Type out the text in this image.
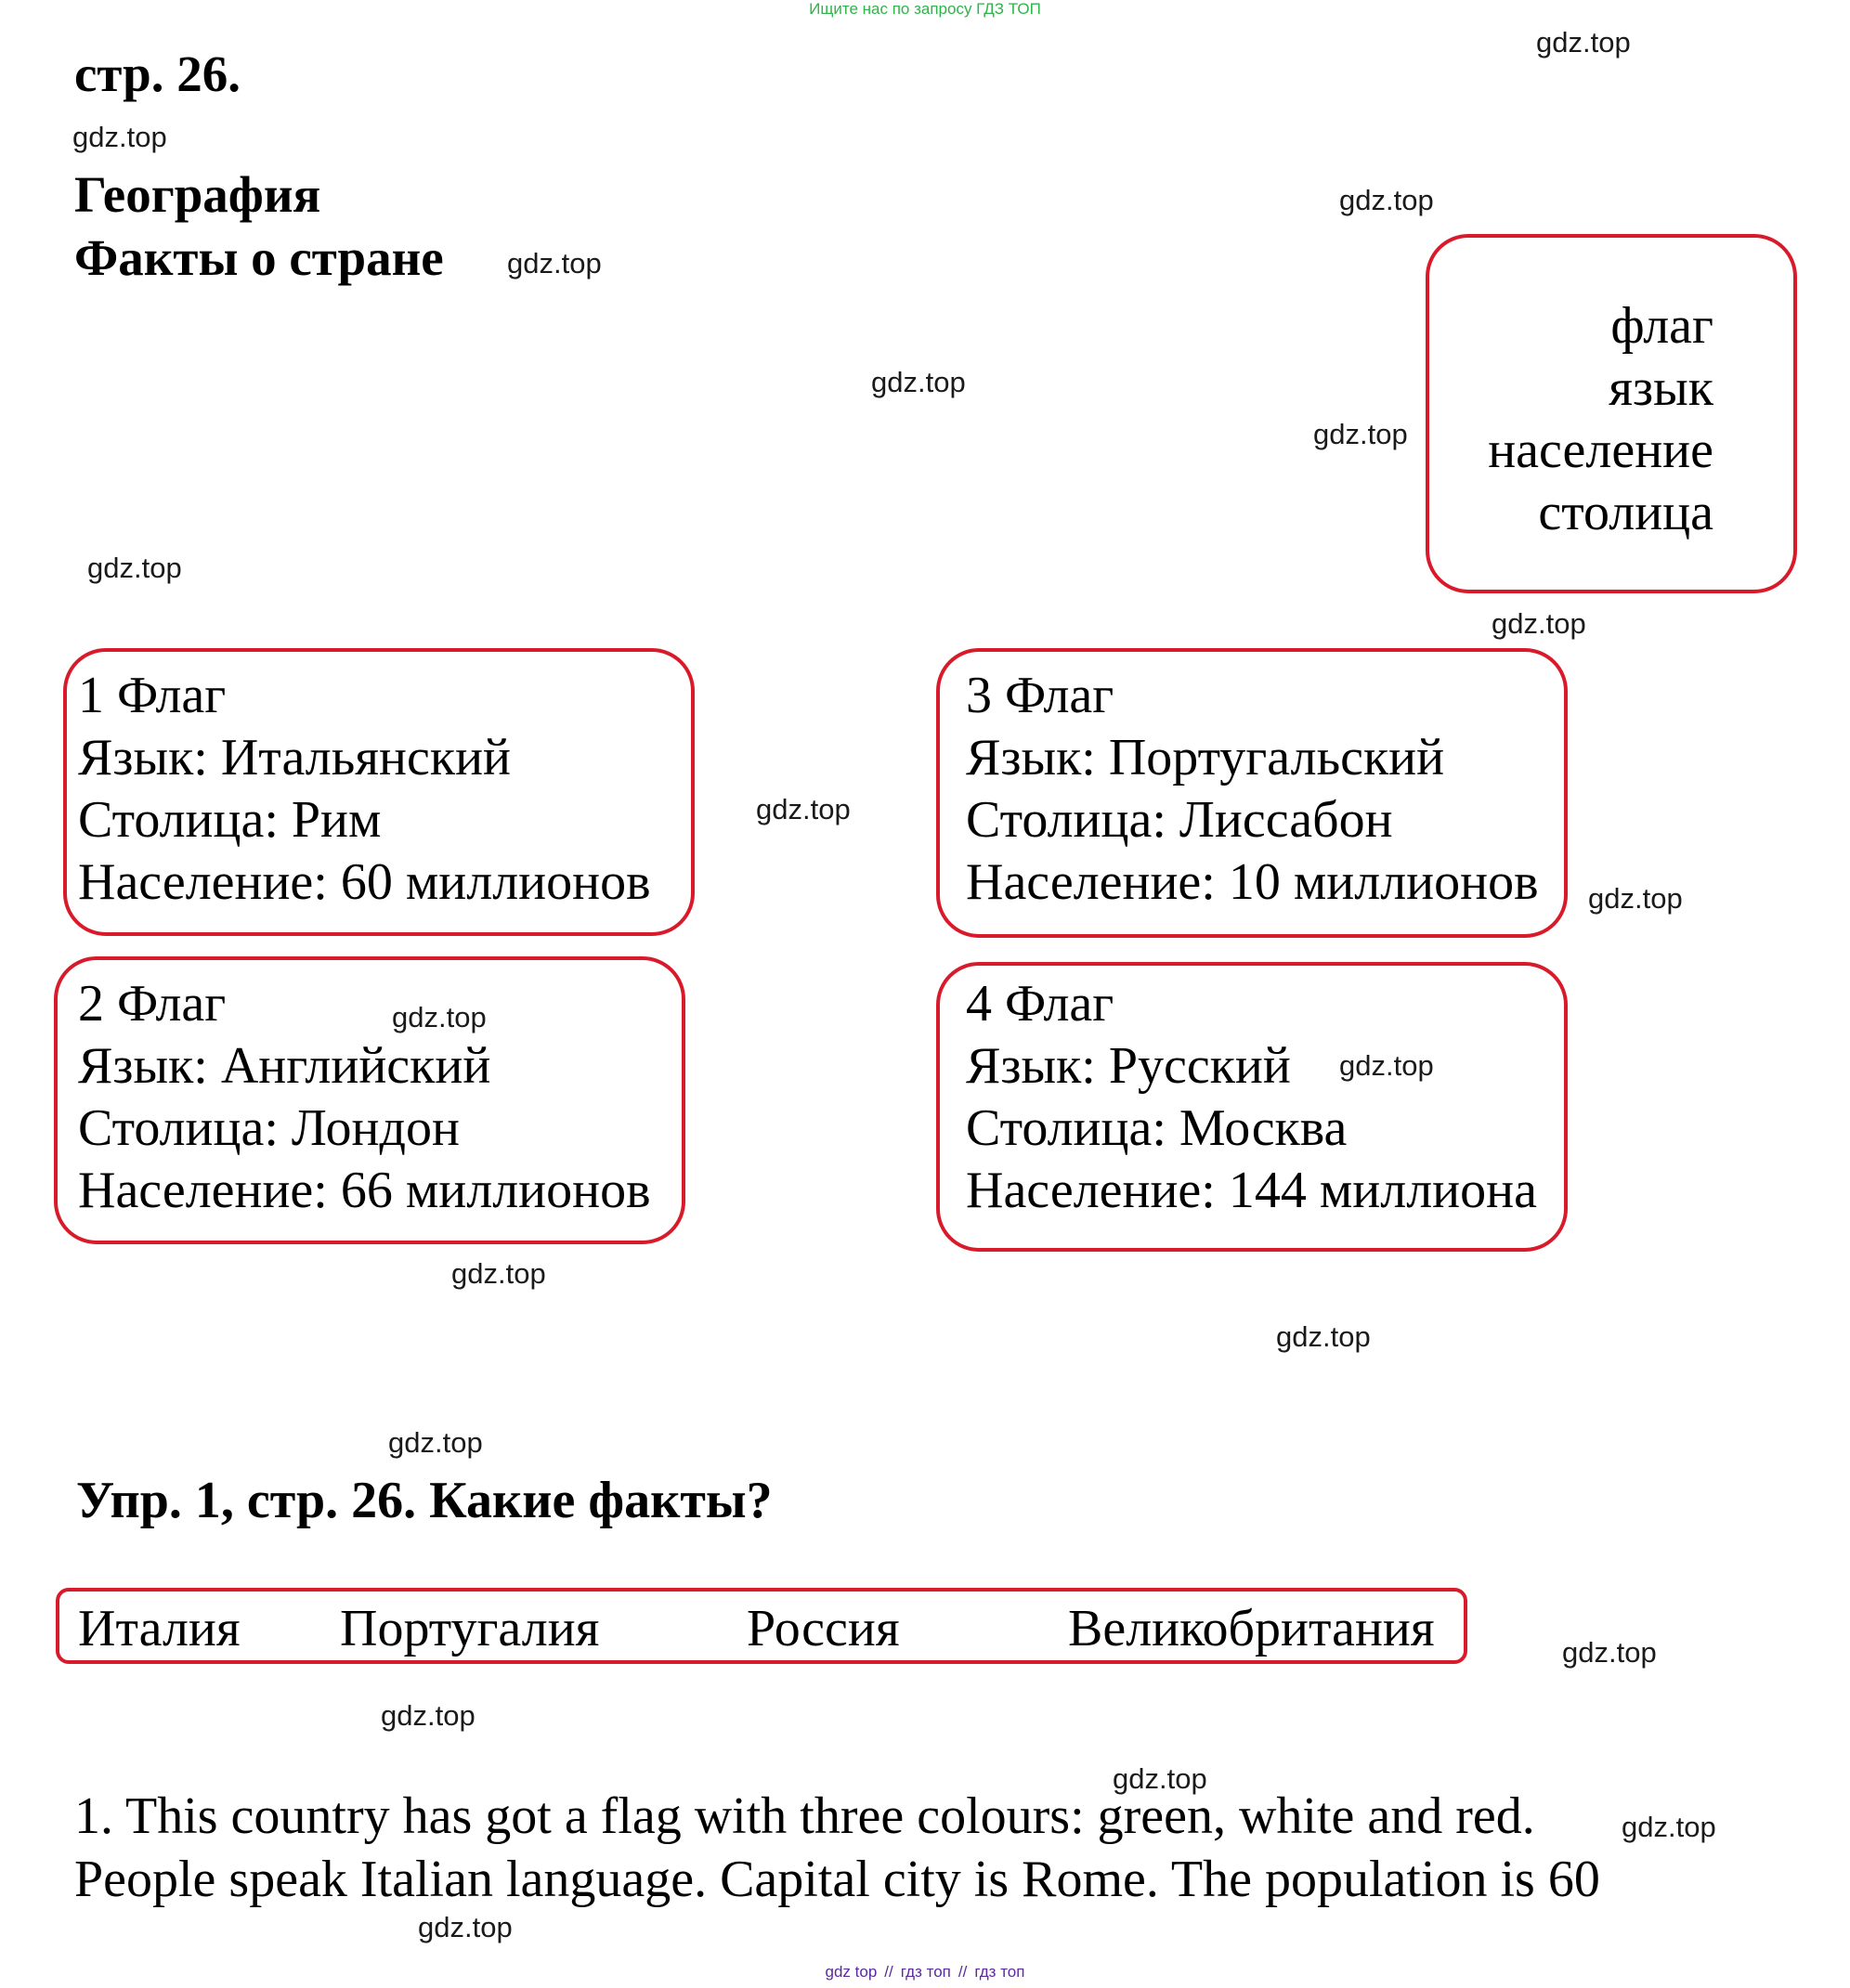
Ищите нас по запросу ГДЗ ТОП
стр. 26.
География
Факты о стране
флаг
язык
население
столица
1 Флаг
Язык: Итальянский
Столица: Рим
Население: 60 миллионов
2 Флаг
Язык: Английский
Столица: Лондон
Население: 66 миллионов
3 Флаг
Язык: Португальский
Столица: Лиссабон
Население: 10 миллионов
4 Флаг
Язык: Русский
Столица: Москва
Население: 144 миллиона
Упр. 1, стр. 26. Какие факты?
Италия Португалия	Россия	Великобритания
1. This country has got a flag with three colours: green, white and red.
People speak Italian language. Capital city is Rome. The population is 60
gdz.top
gdz.top
gdz.top
gdz.top
gdz.top
gdz.top
gdz.top
gdz.top
gdz.top
gdz.top
gdz.top
gdz.top
gdz.top
gdz.top
gdz.top
gdz.top
gdz.top
gdz.top
gdz.top
gdz.top
gdz top // гдз топ // гдз топ
